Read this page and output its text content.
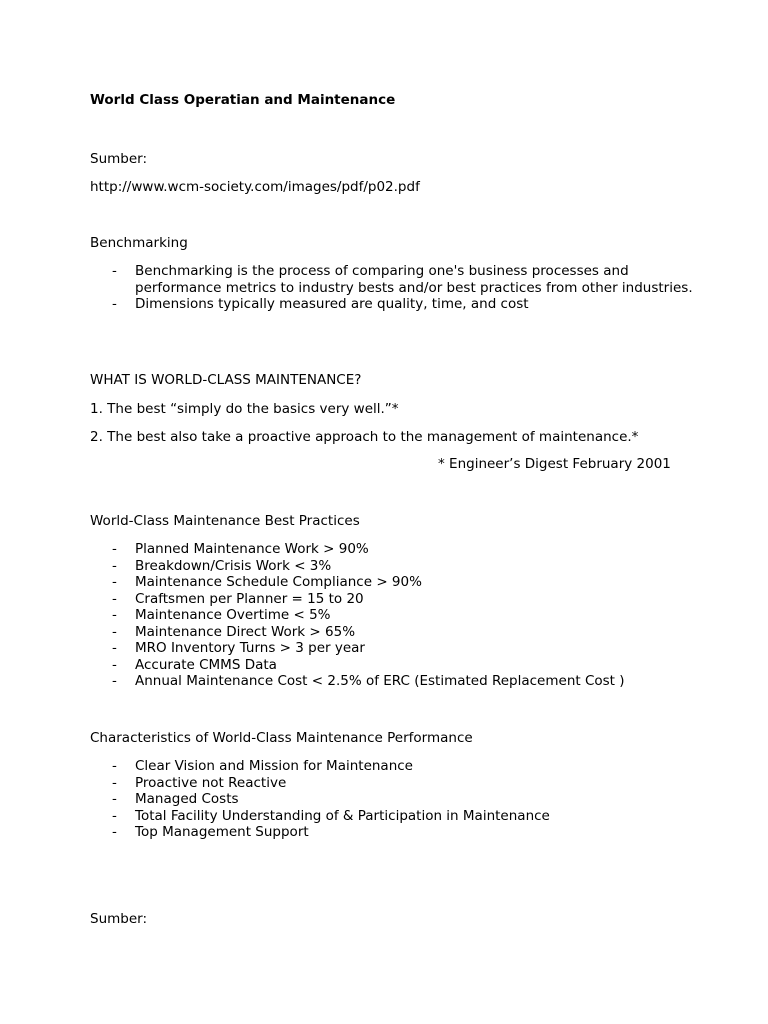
World Class Operatian and Maintenance
Sumber:
http://www.wcm-society.com/images/pdf/p02.pdf
Benchmarking
- Benchmarking is the process of comparing one's business processes and performance metrics to industry bests and/or best practices from other industries.
- Dimensions typically measured are quality, time, and cost
WHAT IS WORLD-CLASS MAINTENANCE?
1. The best “simply do the basics very well.”*
2. The best also take a proactive approach to the management of maintenance.*
* Engineer’s Digest February 2001
World-Class Maintenance Best Practices
- Planned Maintenance Work > 90%
- Breakdown/Crisis Work < 3%
- Maintenance Schedule Compliance > 90%
- Craftsmen per Planner = 15 to 20
- Maintenance Overtime < 5%
- Maintenance Direct Work > 65%
- MRO Inventory Turns > 3 per year
- Accurate CMMS Data
- Annual Maintenance Cost < 2.5% of ERC (Estimated Replacement Cost )
Characteristics of World-Class Maintenance Performance
- Clear Vision and Mission for Maintenance
- Proactive not Reactive
- Managed Costs
- Total Facility Understanding of & Participation in Maintenance
- Top Management Support
Sumber:
